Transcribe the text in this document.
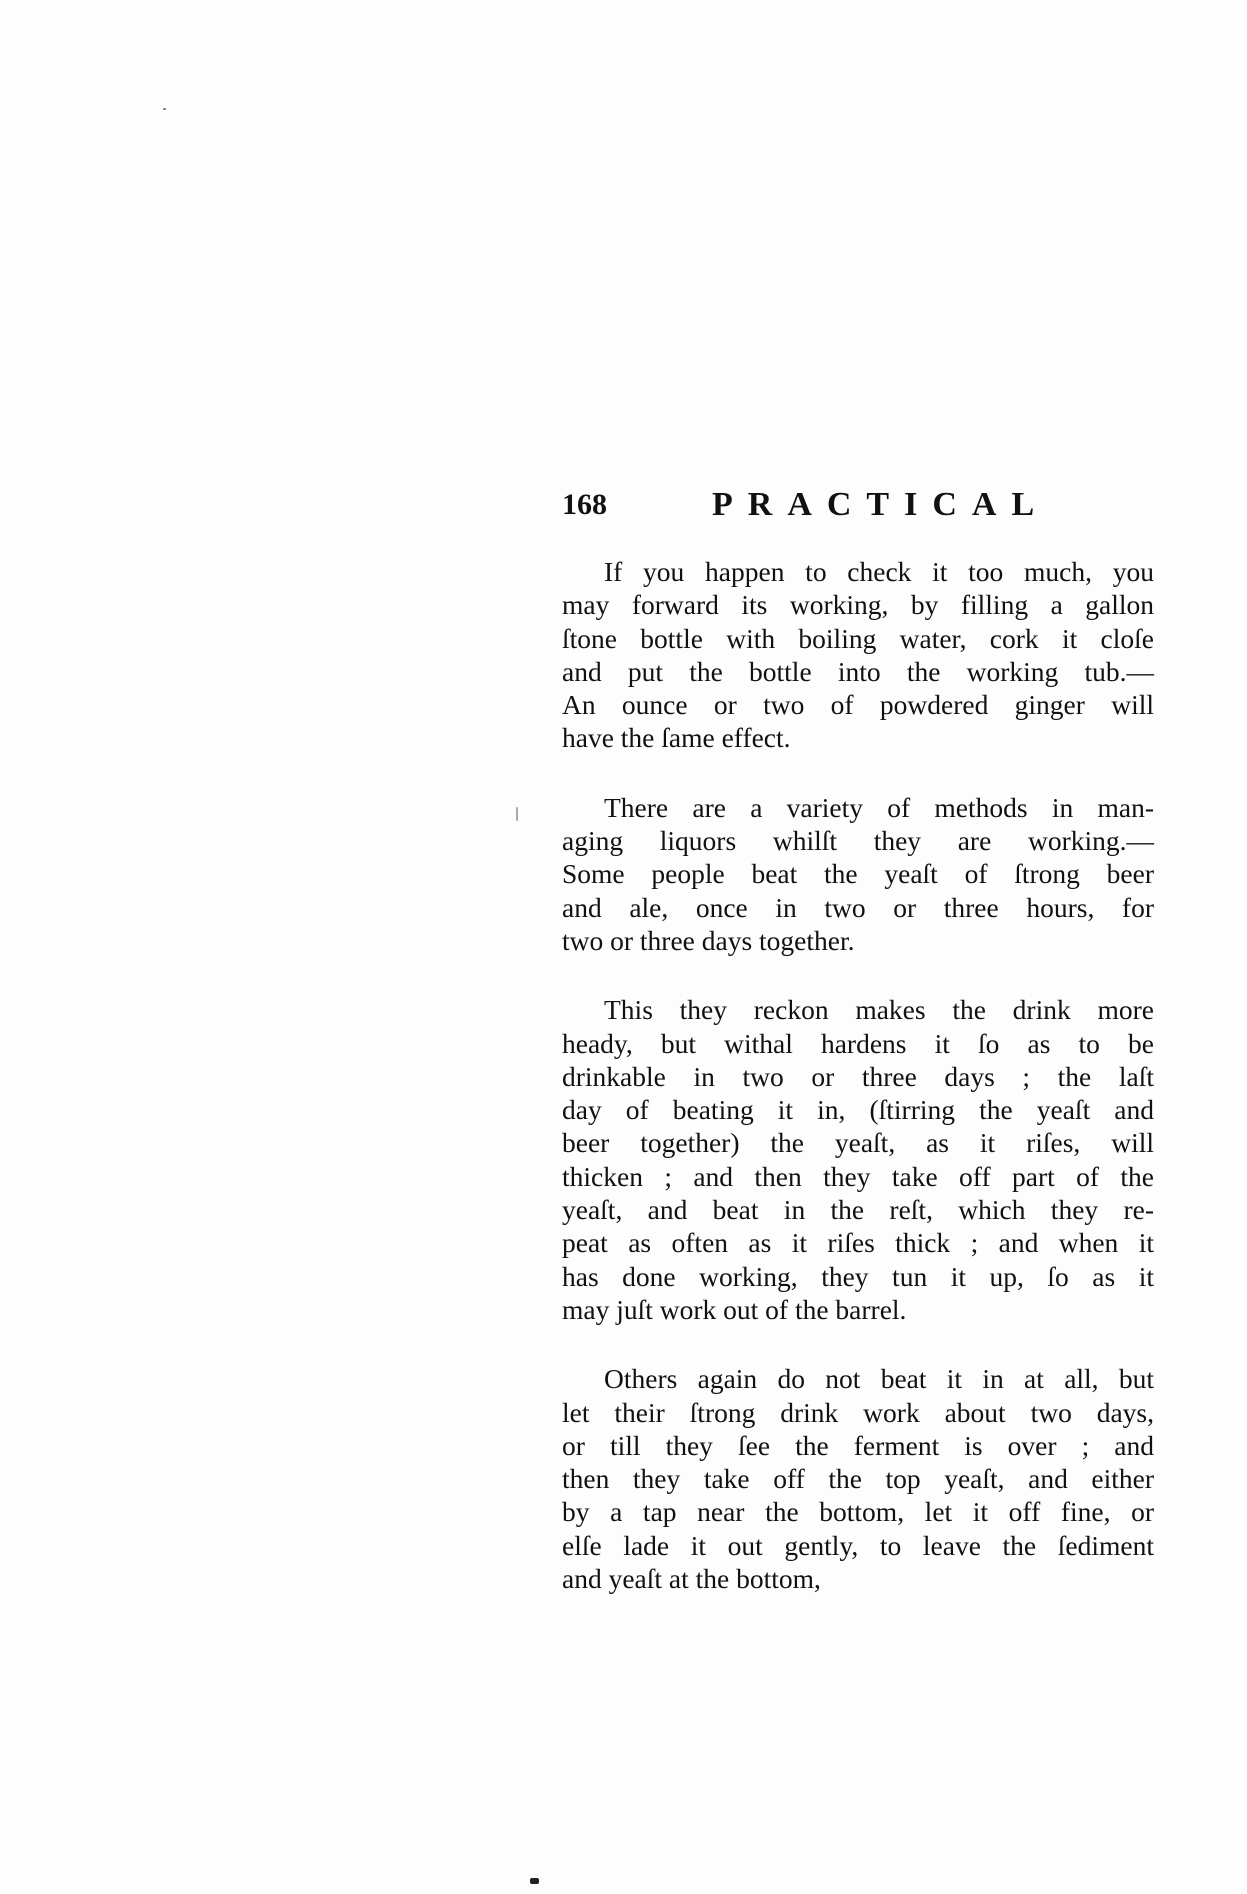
168	PRACTICAL
If you happen to check it too much, you
may forward its working, by filling a gallon
ſtone bottle with boiling water, cork it cloſe
and put the bottle into the working tub.—
An ounce or two of powdered ginger will
have the ſame effect.
There are a variety of methods in man-
aging liquors whilſt they are working.—
Some people beat the yeaſt of ſtrong beer
and ale, once in two or three hours, for
two or three days together.
This they reckon makes the drink more
heady, but withal hardens it ſo as to be
drinkable in two or three days ; the laſt
day of beating it in, (ſtirring the yeaſt and
beer together) the yeaſt, as it riſes, will
thicken ; and then they take off part of the
yeaſt, and beat in the reſt, which they re-
peat as often as it riſes thick ; and when it
has done working, they tun it up, ſo as it
may juſt work out of the barrel.
Others again do not beat it in at all, but
let their ſtrong drink work about two days,
or till they ſee the ferment is over ; and
then they take off the top yeaſt, and either
by a tap near the bottom, let it off fine, or
elſe lade it out gently, to leave the ſediment
and yeaſt at the bottom,
